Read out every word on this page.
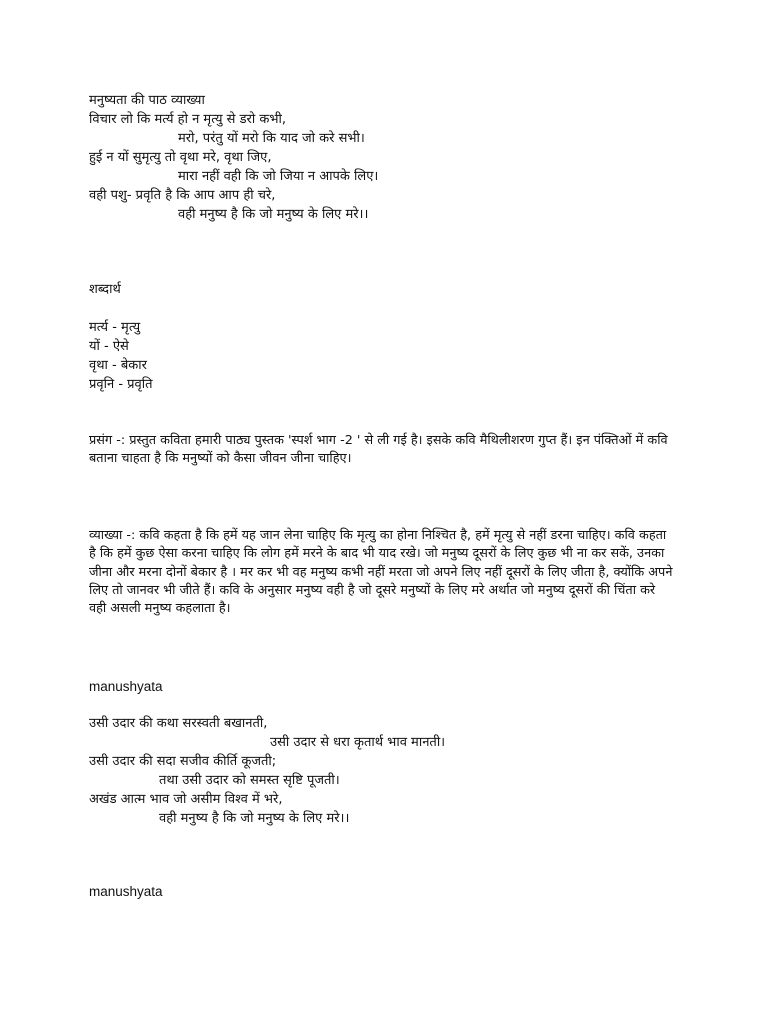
मनुष्यता की पाठ व्याख्या
विचार लो कि मर्त्य हो न मृत्यु से डरो कभी,
मरो, परंतु यों मरो कि याद जो करे सभी।
हुई न यों सुमृत्यु तो वृथा मरे, वृथा जिए,
मारा नहीं वही कि जो जिया न आपके लिए।
वही पशु- प्रवृति है कि आप आप ही चरे,
वही मनुष्य है कि जो मनुष्य के लिए मरे।।
शब्दार्थ
मर्त्य - मृत्यु
यों - ऐसे
वृथा - बेकार
प्रवृनि - प्रवृति
प्रसंग -: प्रस्तुत कविता हमारी पाठ्य पुस्तक 'स्पर्श भाग -2 ' से ली गई है। इसके कवि मैथिलीशरण गुप्त हैं। इन पंक्तिओं में कवि बताना चाहता है कि मनुष्यों को कैसा जीवन जीना चाहिए।
व्याख्या -: कवि कहता है कि हमें यह जान लेना चाहिए कि मृत्यु का होना निश्चित है, हमें मृत्यु से नहीं डरना चाहिए। कवि कहता है कि हमें कुछ ऐसा करना चाहिए कि लोग हमें मरने के बाद भी याद रखे। जो मनुष्य दूसरों के लिए कुछ भी ना कर सकें, उनका जीना और मरना दोनों बेकार है । मर कर भी वह मनुष्य कभी नहीं मरता जो अपने लिए नहीं दूसरों के लिए जीता है, क्योंकि अपने लिए तो जानवर भी जीते हैं। कवि के अनुसार मनुष्य वही है जो दूसरे मनुष्यों के लिए मरे अर्थात जो मनुष्य दूसरों की चिंता करे वही असली मनुष्य कहलाता है।
manushyata
उसी उदार की कथा सरस्वती बखानती,
उसी उदार से धरा कृतार्थ भाव मानती।
उसी उदार की सदा सजीव कीर्ति कूजती;
तथा उसी उदार को समस्त सृष्टि पूजती।
अखंड आत्म भाव जो असीम विश्व में भरे,
वही मनुष्य है कि जो मनुष्य के लिए मरे।।
manushyata
